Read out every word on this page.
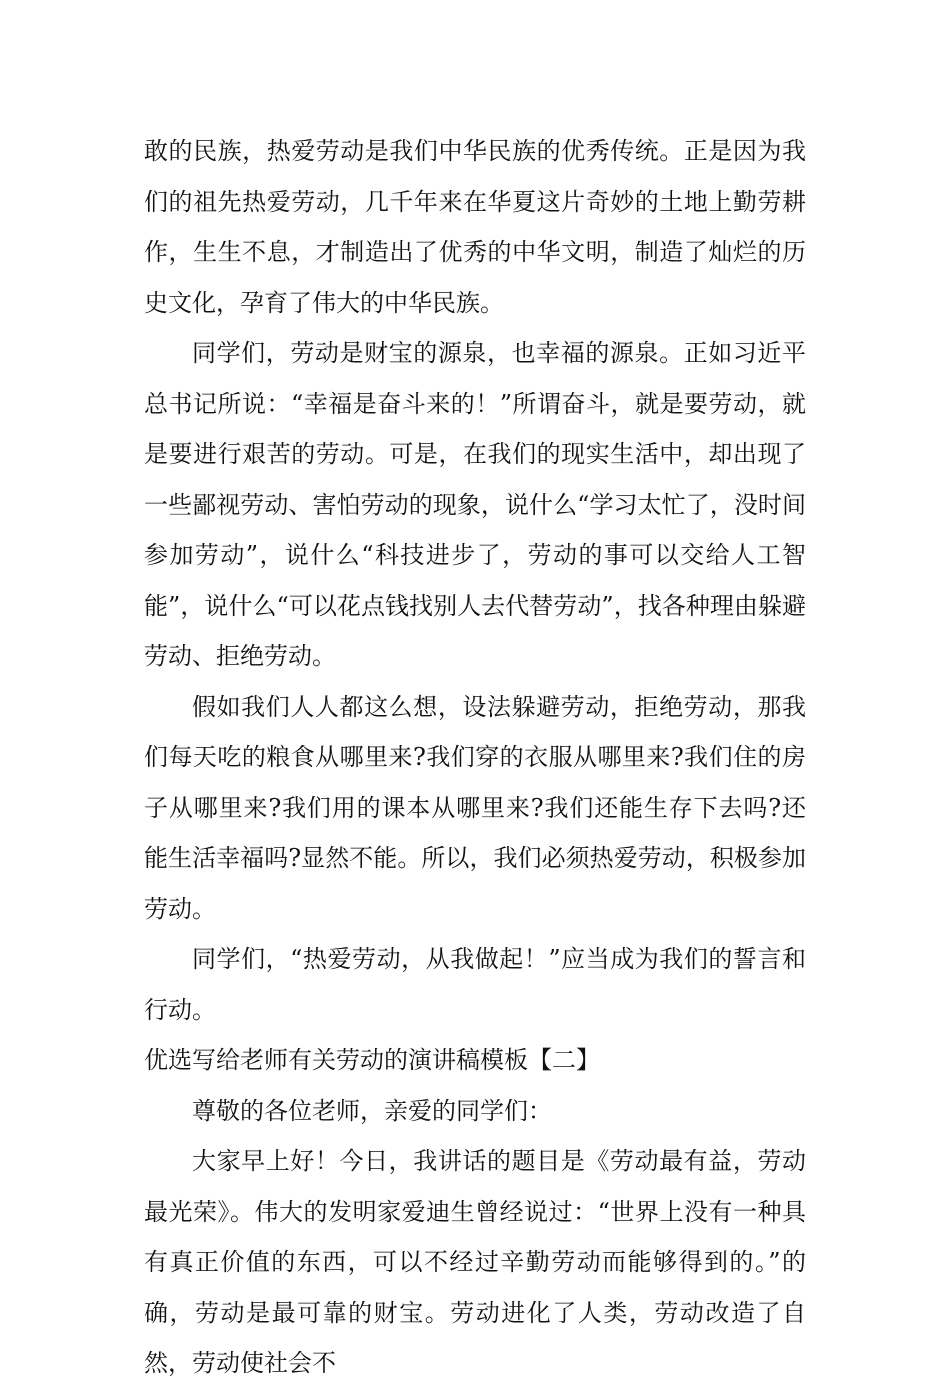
敢的民族，热爱劳动是我们中华民族的优秀传统。正是因为我们的祖先热爱劳动，几千年来在华夏这片奇妙的土地上勤劳耕作，生生不息，才制造出了优秀的中华文明，制造了灿烂的历史文化，孕育了伟大的中华民族。

同学们，劳动是财宝的源泉，也幸福的源泉。正如习近平总书记所说：“幸福是奋斗来的！”所谓奋斗，就是要劳动，就是要进行艰苦的劳动。可是，在我们的现实生活中，却出现了一些鄙视劳动、害怕劳动的现象，说什么“学习太忙了，没时间参加劳动”，说什么“科技进步了，劳动的事可以交给人工智能”，说什么“可以花点钱找别人去代替劳动”，找各种理由躲避劳动、拒绝劳动。

假如我们人人都这么想，设法躲避劳动，拒绝劳动，那我们每天吃的粮食从哪里来?我们穿的衣服从哪里来?我们住的房子从哪里来?我们用的课本从哪里来?我们还能生存下去吗?还能生活幸福吗?显然不能。所以，我们必须热爱劳动，积极参加劳动。

同学们，“热爱劳动，从我做起！”应当成为我们的誓言和行动。

优选写给老师有关劳动的演讲稿模板【二】

尊敬的各位老师，亲爱的同学们：

大家早上好！今日，我讲话的题目是《劳动最有益，劳动最光荣》。伟大的发明家爱迪生曾经说过：“世界上没有一种具有真正价值的东西，可以不经过辛勤劳动而能够得到的。”的确，劳动是最可靠的财宝。劳动进化了人类，劳动改造了自然，劳动使社会不
